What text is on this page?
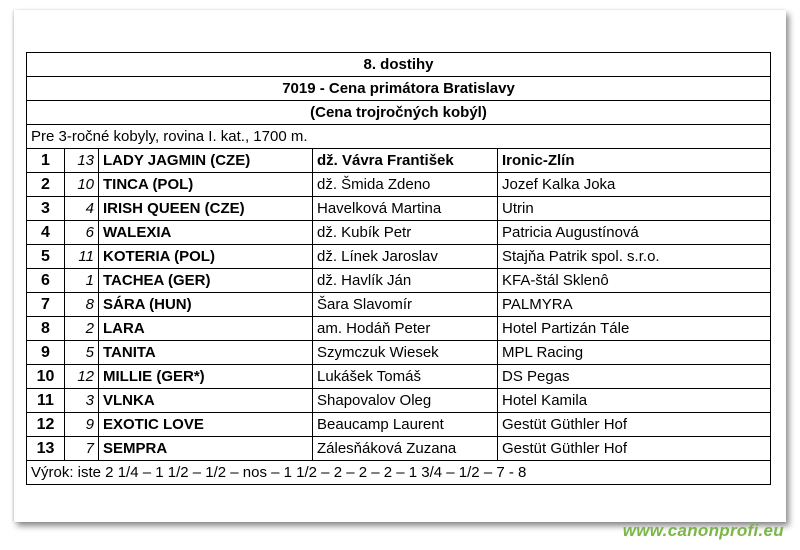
8. dostihy				
7019 - Cena primátora Bratislavy				
(Cena trojročných kobýl)				
Pre 3-ročné kobyly, rovina I. kat., 1700 m.				
1	13	LADY JAGMIN (CZE)	dž. Vávra František	Ironic-Zlín
2	10	TINCA (POL)	dž. Šmida Zdeno	Jozef Kalka Joka
3	4	IRISH QUEEN (CZE)	Havelková Martina	Utrin
4	6	WALEXIA	dž. Kubík Petr	Patricia Augustínová
5	11	KOTERIA (POL)	dž. Línek Jaroslav	Stajňa Patrik spol. s.r.o.
6	1	TACHEA (GER)	dž. Havlík Ján	KFA-štál Sklenô
7	8	SÁRA (HUN)	Šara Slavomír	PALMYRA
8	2	LARA	am. Hodáň Peter	Hotel Partizán Tále
9	5	TANITA	Szymczuk Wiesek	MPL Racing
10	12	MILLIE (GER*)	Lukášek Tomáš	DS Pegas
11	3	VLNKA	Shapovalov Oleg	Hotel Kamila
12	9	EXOTIC LOVE	Beaucamp Laurent	Gestüt Güthler Hof
13	7	SEMPRA	Zálesňáková Zuzana	Gestüt Güthler Hof
Výrok: iste 2 1/4 – 1 1/2 – 1/2 – nos – 1 1/2 – 2 – 2 – 2 – 1 3/4 – 1/2 – 7 - 8				
www.canonprofi.eu
